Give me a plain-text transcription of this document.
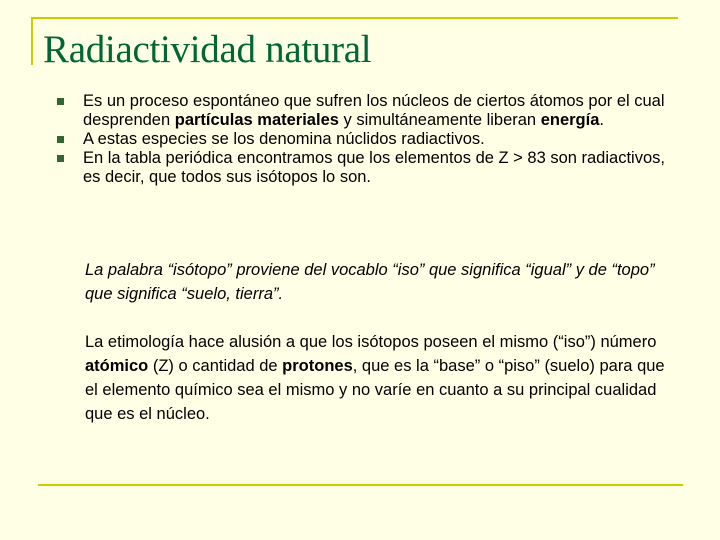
Radiactividad natural
Es un proceso espontáneo que sufren los núcleos de ciertos átomos por el cual desprenden partículas materiales y simultáneamente liberan energía.
A estas especies se los denomina núclidos radiactivos.
En la tabla periódica encontramos que los elementos de Z > 83 son radiactivos, es decir, que todos sus isótopos lo son.

La palabra “isótopo” proviene del vocablo “iso” que significa “igual” y de “topo” que significa “suelo, tierra”.

La etimología hace alusión a que los isótopos poseen el mismo (“iso”) número atómico (Z) o cantidad de protones, que es la “base” o “piso” (suelo) para que el elemento químico sea el mismo y no varíe en cuanto a su principal cualidad que es el núcleo.
